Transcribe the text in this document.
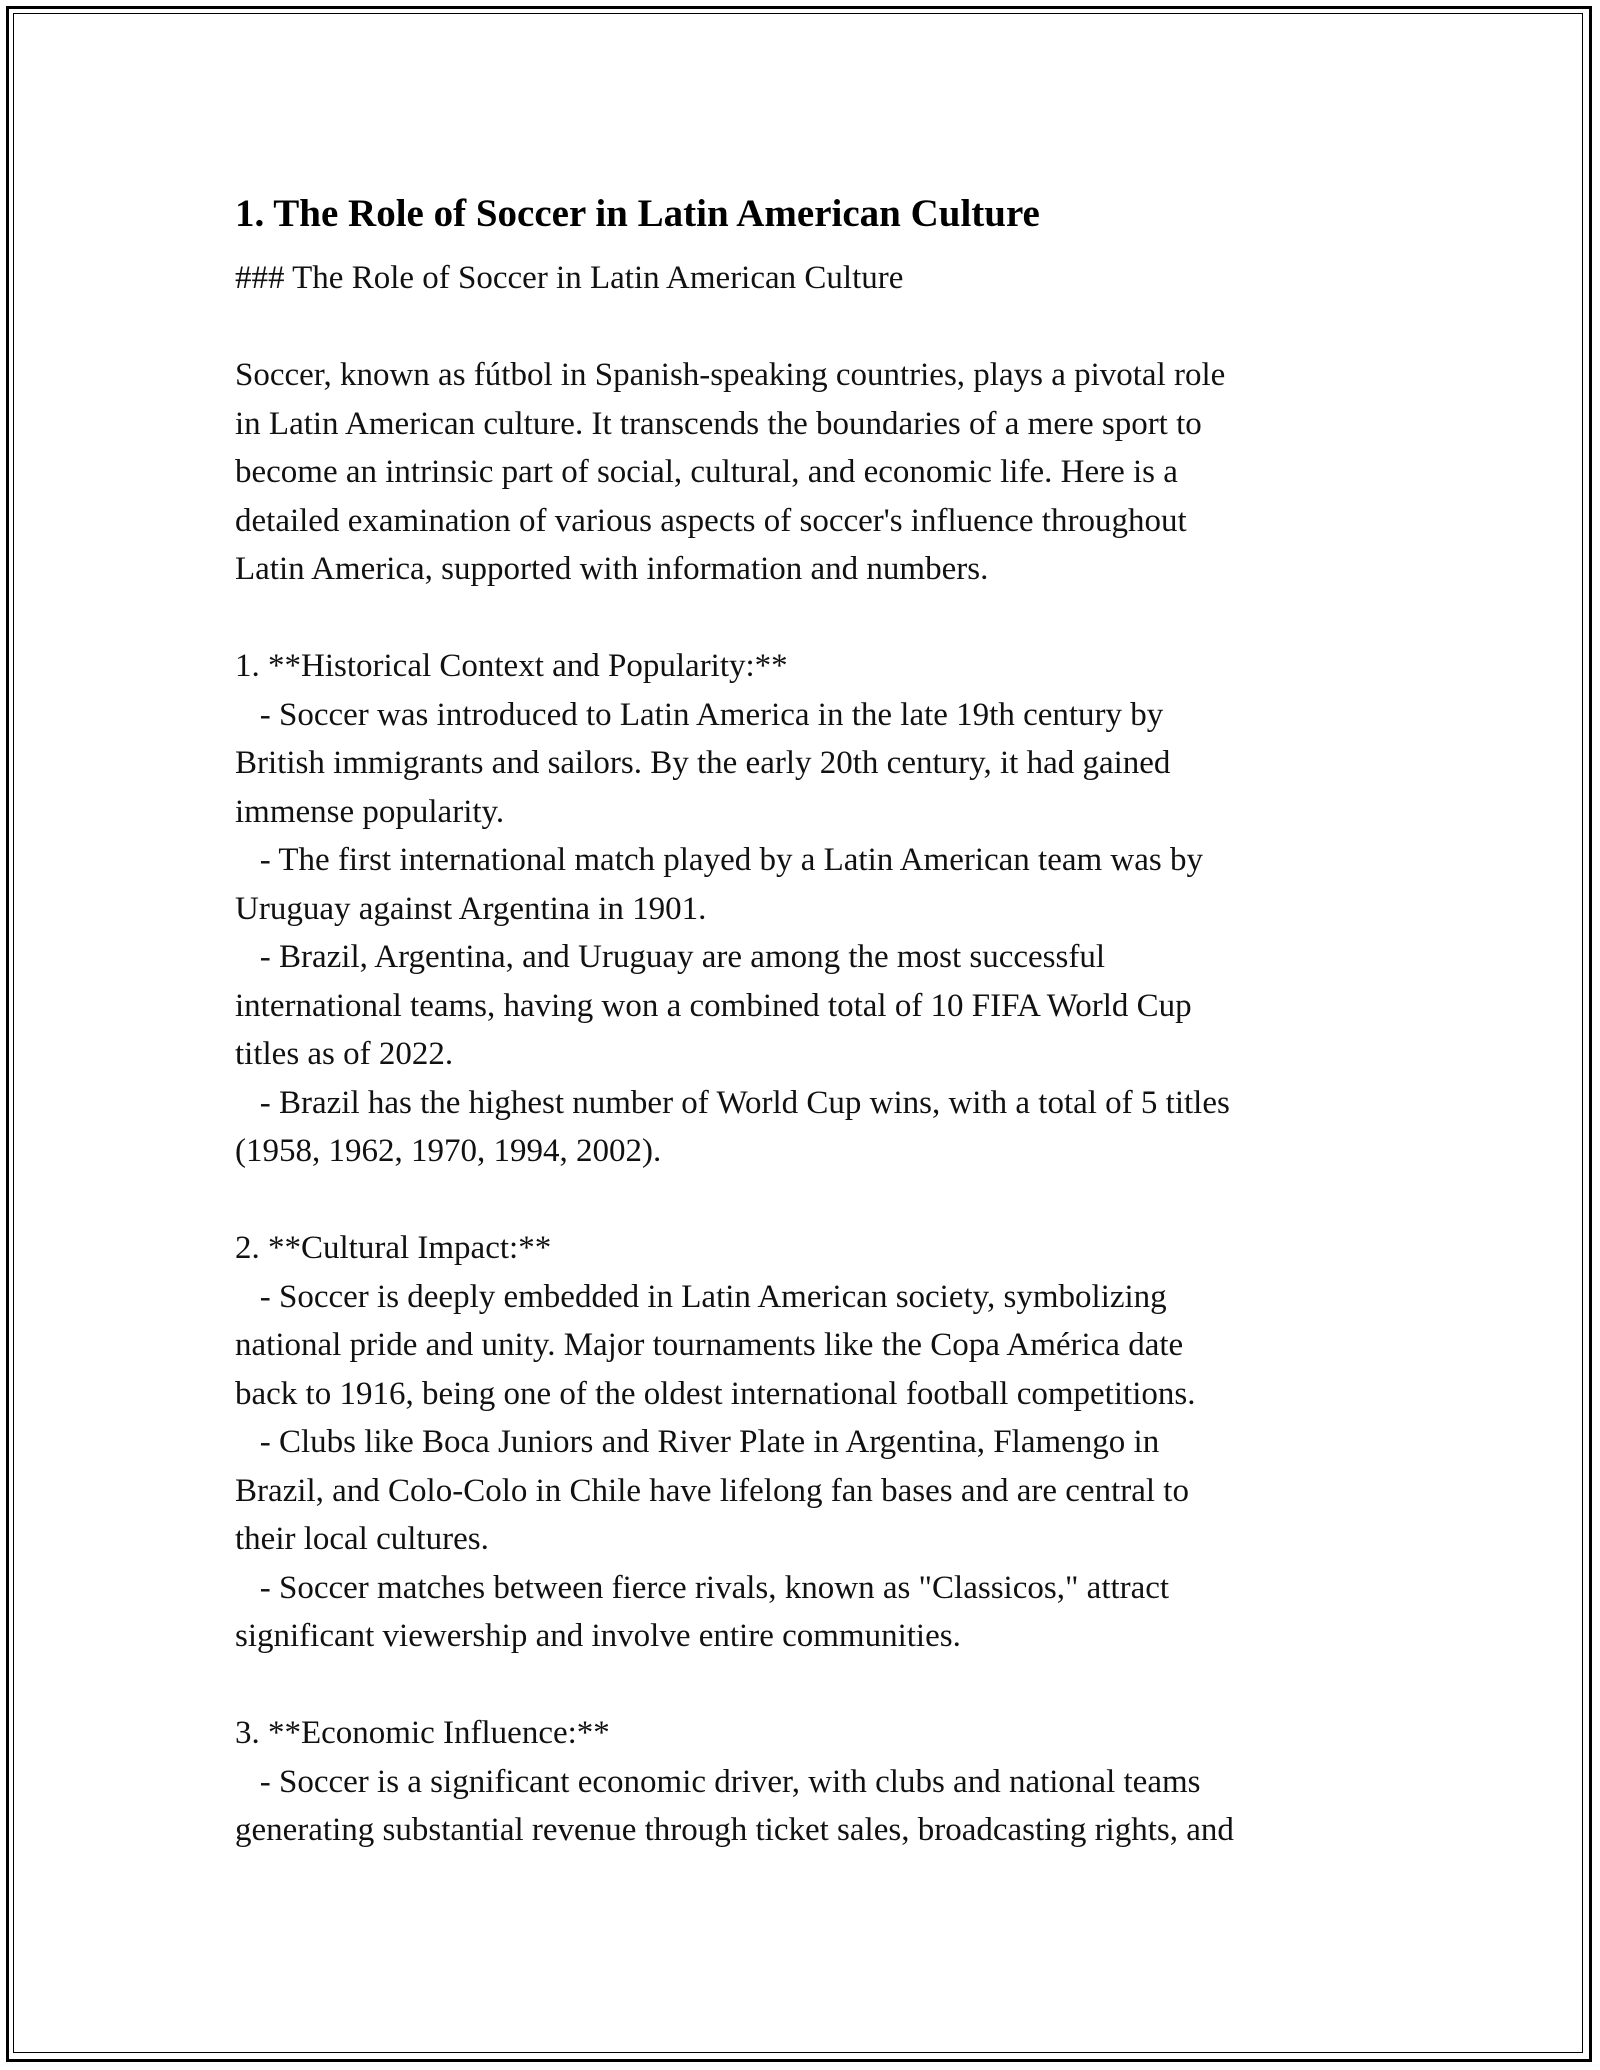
1. The Role of Soccer in Latin American Culture

### The Role of Soccer in Latin American Culture

Soccer, known as fútbol in Spanish-speaking countries, plays a pivotal role

in Latin American culture. It transcends the boundaries of a mere sport to

become an intrinsic part of social, cultural, and economic life. Here is a

detailed examination of various aspects of soccer's influence throughout

Latin America, supported with information and numbers.

1. **Historical Context and Popularity:**

- Soccer was introduced to Latin America in the late 19th century by

British immigrants and sailors. By the early 20th century, it had gained

immense popularity.

- The first international match played by a Latin American team was by

Uruguay against Argentina in 1901.

- Brazil, Argentina, and Uruguay are among the most successful

international teams, having won a combined total of 10 FIFA World Cup

titles as of 2022.

- Brazil has the highest number of World Cup wins, with a total of 5 titles

(1958, 1962, 1970, 1994, 2002).

2. **Cultural Impact:**

- Soccer is deeply embedded in Latin American society, symbolizing

national pride and unity. Major tournaments like the Copa América date

back to 1916, being one of the oldest international football competitions.

- Clubs like Boca Juniors and River Plate in Argentina, Flamengo in

Brazil, and Colo-Colo in Chile have lifelong fan bases and are central to

their local cultures.

- Soccer matches between fierce rivals, known as "Classicos," attract

significant viewership and involve entire communities.

3. **Economic Influence:**

- Soccer is a significant economic driver, with clubs and national teams

generating substantial revenue through ticket sales, broadcasting rights, and
